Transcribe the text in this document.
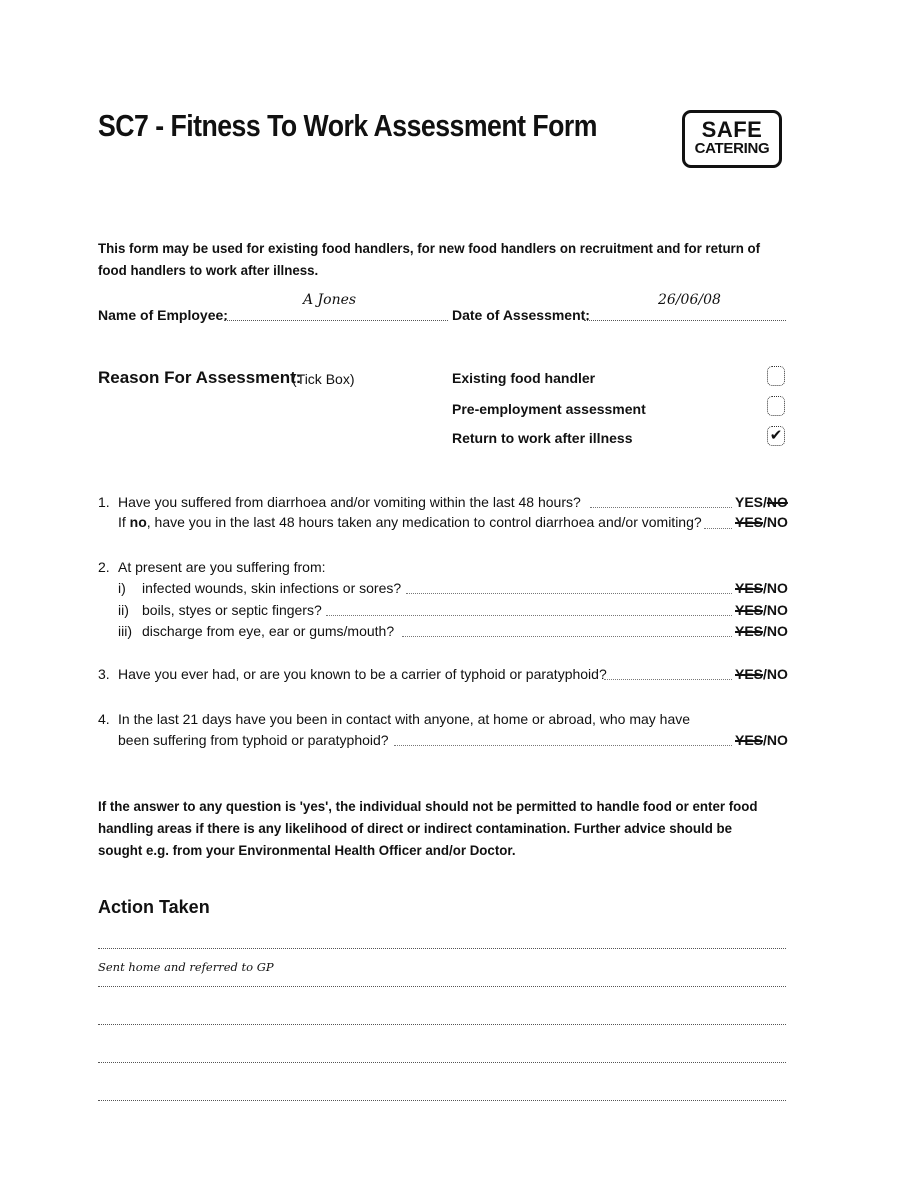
SC7 - Fitness To Work Assessment Form	SAFE
CATERING
This form may be used for existing food handlers, for new food handlers on recruitment and for return of food handlers to work after illness.
Name of Employee:
A Jones
Date of Assessment:
26/06/08
Reason For Assessment:
(Tick Box)	Existing food handler
Pre-employment assessment
Return to work after illness	✔
1. Have you suffered from diarrhoea and/or vomiting within the last 48 hours?	YES/NO
If no, have you in the last 48 hours taken any medication to control diarrhoea and/or vomiting? YES/NO
2. At present are you suffering from:
i) infected wounds, skin infections or sores?	YES/NO
ii) boils, styes or septic fingers?	YES/NO
iii) discharge from eye, ear or gums/mouth?	YES/NO
3. Have you ever had, or are you known to be a carrier of typhoid or paratyphoid?	YES/NO
4. In the last 21 days have you been in contact with anyone, at home or abroad, who may have
been suffering from typhoid or paratyphoid?	YES/NO
If the answer to any question is 'yes', the individual should not be permitted to handle food or enter food handling areas if there is any likelihood of direct or indirect contamination. Further advice should be sought e.g. from your Environmental Health Officer and/or Doctor.
Action Taken
Sent home and referred to GP
